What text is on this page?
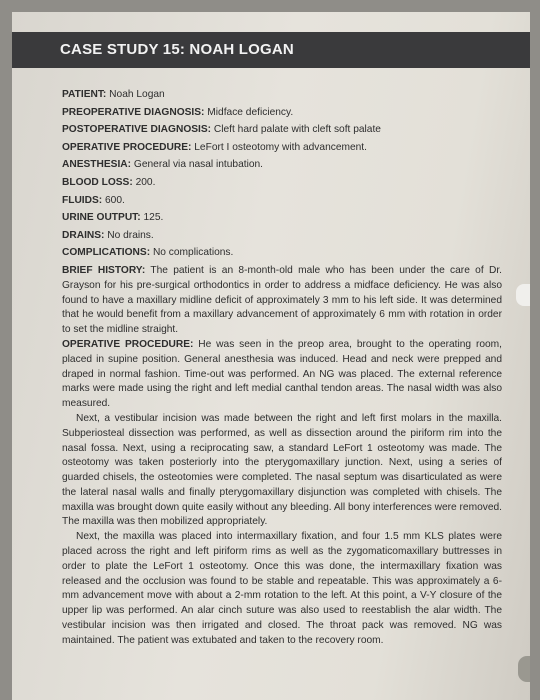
CASE STUDY 15: NOAH LOGAN
PATIENT: Noah Logan
PREOPERATIVE DIAGNOSIS: Midface deficiency.
POSTOPERATIVE DIAGNOSIS: Cleft hard palate with cleft soft palate
OPERATIVE PROCEDURE: LeFort I osteotomy with advancement.
ANESTHESIA: General via nasal intubation.
BLOOD LOSS: 200.
FLUIDS: 600.
URINE OUTPUT: 125.
DRAINS: No drains.
COMPLICATIONS: No complications.

BRIEF HISTORY: The patient is an 8-month-old male who has been under the care of Dr. Grayson for his pre-surgical orthodontics in order to address a midface deficiency. He was also found to have a maxillary midline deficit of approximately 3 mm to his left side. It was determined that he would benefit from a maxillary advancement of approximately 6 mm with rotation in order to set the midline straight.

OPERATIVE PROCEDURE: He was seen in the preop area, brought to the operating room, placed in supine position. General anesthesia was induced. Head and neck were prepped and draped in normal fashion. Time-out was performed. An NG was placed. The external reference marks were made using the right and left medial canthal tendon areas. The nasal width was also measured.

Next, a vestibular incision was made between the right and left first molars in the maxilla. Subperiosteal dissection was performed, as well as dissection around the piriform rim into the nasal fossa. Next, using a reciprocating saw, a standard LeFort 1 osteotomy was made. The osteotomy was taken posteriorly into the pterygomaxillary junction. Next, using a series of guarded chisels, the osteotomies were completed. The nasal septum was disarticulated as were the lateral nasal walls and finally pterygomaxillary disjunction was completed with chisels. The maxilla was brought down quite easily without any bleeding. All bony interferences were removed. The maxilla was then mobilized appropriately.

Next, the maxilla was placed into intermaxillary fixation, and four 1.5 mm KLS plates were placed across the right and left piriform rims as well as the zygomaticomaxillary buttresses in order to plate the LeFort 1 osteotomy. Once this was done, the intermaxillary fixation was released and the occlusion was found to be stable and repeatable. This was approximately a 6-mm advancement move with about a 2-mm rotation to the left. At this point, a V-Y closure of the upper lip was performed. An alar cinch suture was also used to reestablish the alar width. The vestibular incision was then irrigated and closed. The throat pack was removed. NG was maintained. The patient was extubated and taken to the recovery room.
